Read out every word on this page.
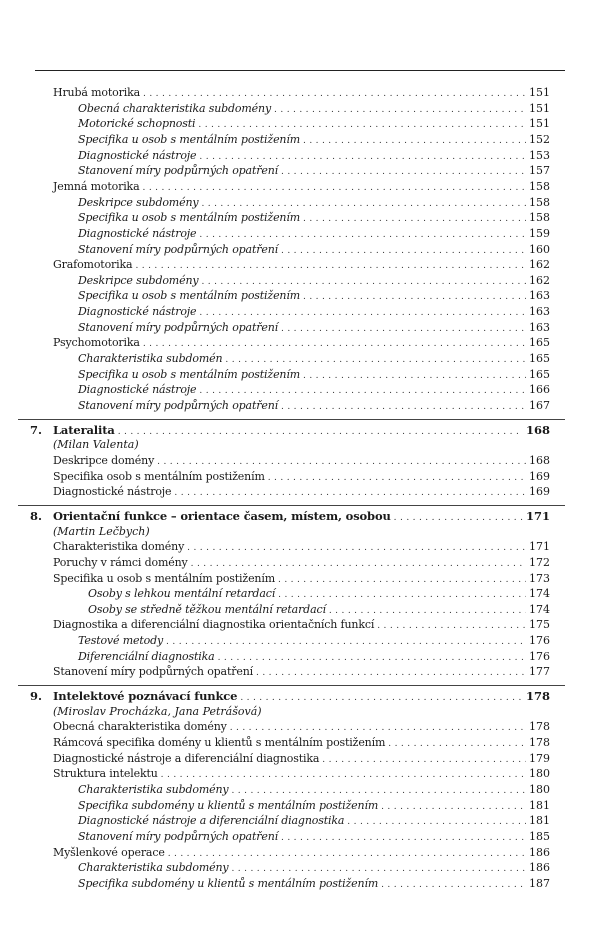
Hrubá motorika . . .	151
Obecná charakteristika subdomény . . .	151
Motorické schopnosti . . .	151
Specifika u osob s mentálním postižením . . .	152
Diagnostické nástroje . . .	153
Stanovení míry podpůrných opatření . . .	157
Jemná motorika . . .	158
Deskripce subdomény . . .	158
Specifika u osob s mentálním postižením . . .	158
Diagnostické nástroje . . .	159
Stanovení míry podpůrných opatření . . .	160
Grafomotorika . . .	162
Deskripce subdomény . . .	162
Specifika u osob s mentálním postižením . . .	163
Diagnostické nástroje . . .	163
Stanovení míry podpůrných opatření . . .	163
Psychomotorika . . .	165
Charakteristika subdomén . . .	165
Specifika u osob s mentálním postižením . . .	165
Diagnostické nástroje . . .	166
Stanovení míry podpůrných opatření . . .	167
7. Lateralita . . .	168
(Milan Valenta)
Deskripce domény . . .	168
Specifika osob s mentálním postižením . . .	169
Diagnostické nástroje . . .	169
8. Orientační funkce – orientace časem, místem, osobou . . .	171
(Martin Lečbych)
Charakteristika domény . . .	171
Poruchy v rámci domény . . .	172
Specifika u osob s mentálním postižením . . .	173
Osoby s lehkou mentální retardací . . .	174
Osoby se středně těžkou mentální retardací . . .	174
Diagnostika a diferenciální diagnostika orientačních funkcí . . .	175
Testové metody . . .	176
Diferenciální diagnostika . . .	176
Stanovení míry podpůrných opatření . . .	177
9. Intelektové poznávací funkce . . .	178
(Miroslav Procházka, Jana Petrášová)
Obecná charakteristika domény . . .	178
Rámcová specifika domény u klientů s mentálním postižením . . .	178
Diagnostické nástroje a diferenciální diagnostika . . .	179
Struktura intelektu . . .	180
Charakteristika subdomény . . .	180
Specifika subdomény u klientů s mentálním postižením . . .	181
Diagnostické nástroje a diferenciální diagnostika . . .	181
Stanovení míry podpůrných opatření . . .	185
Myšlenkové operace . . .	186
Charakteristika subdomény . . .	186
Specifika subdomény u klientů s mentálním postižením . . .	187
